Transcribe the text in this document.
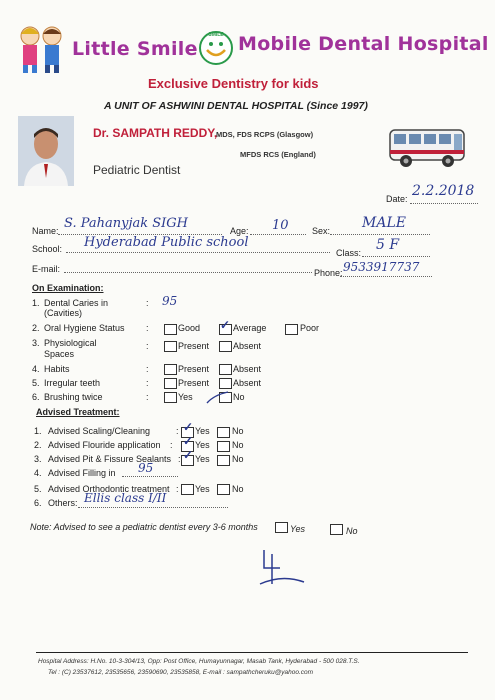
Little Smile
SMILE Mobile Dental Hospital
Exclusive Dentistry for kids
A UNIT OF ASHWINI DENTAL HOSPITAL (Since 1997)
Dr. SAMPATH REDDY,
MDS, FDS RCPS (Glasgow)
MFDS RCS (England)
Pediatric Dentist
Date: 2.2.2018
Name: S. Pahanyjak SIGH	Age: 10	Sex: MALE
School: Hyderabad Public school
Class: 5 F
E-mail:	Phone: 9533917737
On Examination:
1. Dental Caries in
(Cavities)
: 95
2. Oral Hygiene Status :	Good ✓ Average	Poor
3. Physiological
Spaces
:	Present	Absent
4. Habits	:	Present	Absent
5. Irregular teeth	:	Present	Absent
6. Brushing twice	:	Yes	No
Advised Treatment:
1. Advised Scaling/Cleaning	: ✓ Yes No
2. Advised Flouride application : ✓ Yes No
3. Advised Pit & Fissure Sealants : ✓ Yes No
4. Advised Filling in 95
5. Advised Orthodontic treatment : Yes No
6. Others: Ellis class I/II
Note: Advised to see a pediatric dentist every 3-6 months	Yes	No
Hospital Address: H.No. 10-3-304/13, Opp: Post Office, Humayunnagar, Masab Tank, Hyderabad - 500 028.T.S.
Tel : (C) 23537612, 23535656, 23590690, 23535858, E-mail : sampathcheruku@yahoo.com
